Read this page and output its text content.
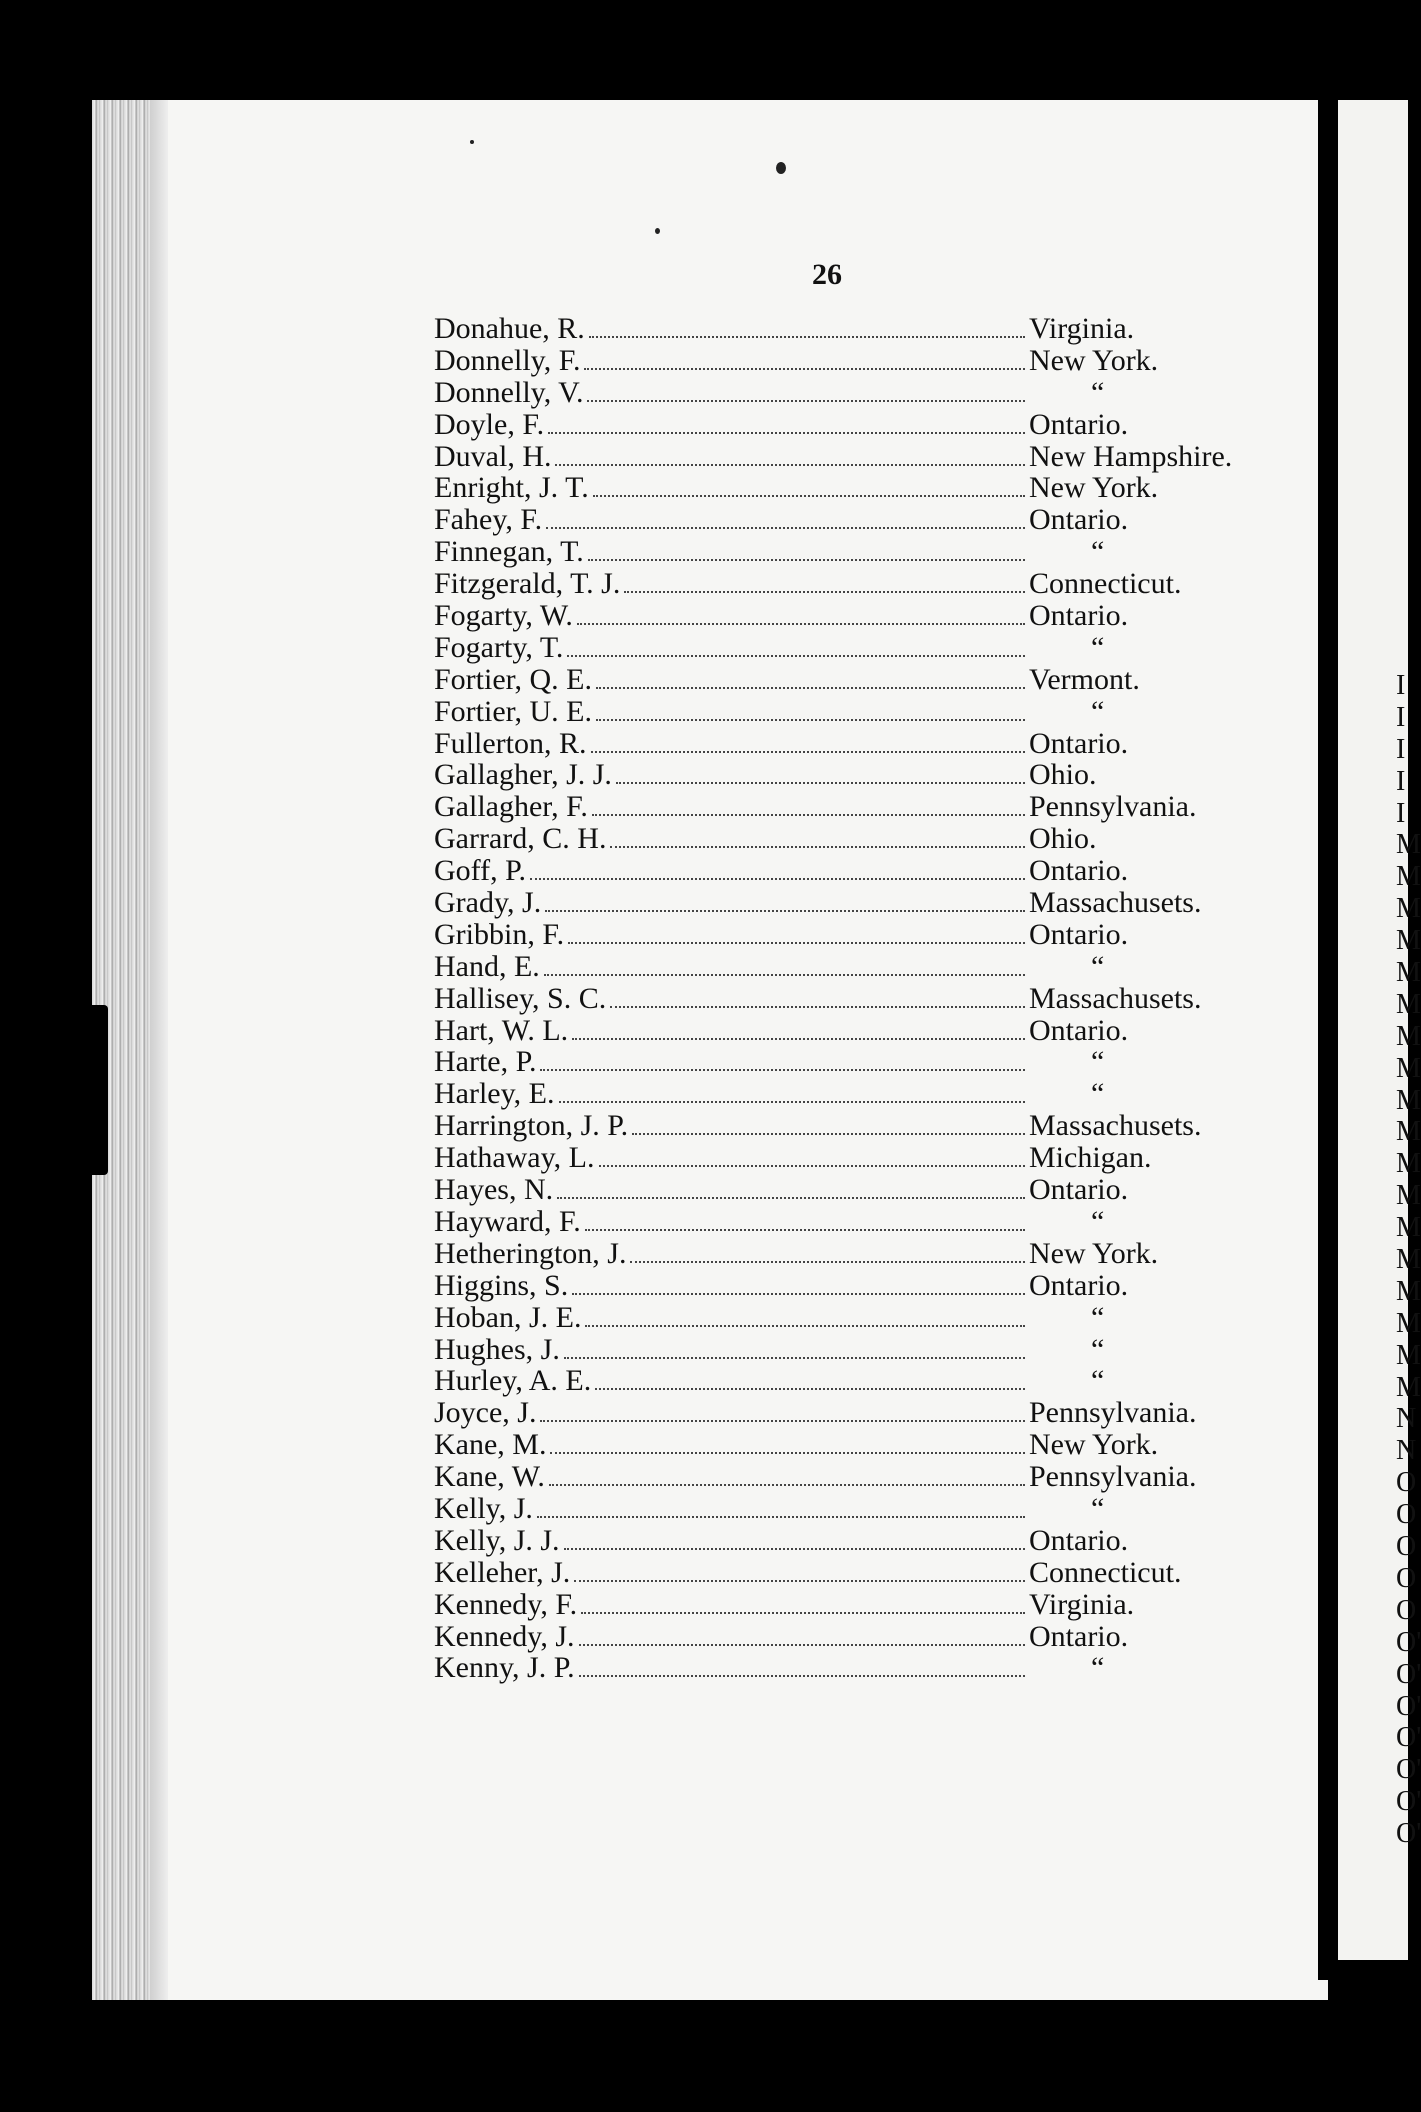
26
Donahue, R.	Virginia.
Donnelly, F.	New York.
Donnelly, V.	“
Doyle, F.	Ontario.
Duval, H.	New Hampshire.
Enright, J. T.	New York.
Fahey, F.	Ontario.
Finnegan, T.	“
Fitzgerald, T. J.	Connecticut.
Fogarty, W.	Ontario.
Fogarty, T.	“
Fortier, Q. E.	Vermont.
Fortier, U. E.	“
Fullerton, R.	Ontario.
Gallagher, J. J.	Ohio.
Gallagher, F.	Pennsylvania.
Garrard, C. H.	Ohio.
Goff, P.	Ontario.
Grady, J.	Massachusets.
Gribbin, F.	Ontario.
Hand, E.	“
Hallisey, S. C.	Massachusets.
Hart, W. L.	Ontario.
Harte, P.	“
Harley, E.	“
Harrington, J. P.	Massachusets.
Hathaway, L.	Michigan.
Hayes, N.	Ontario.
Hayward, F.	“
Hetherington, J.	New York.
Higgins, S.	Ontario.
Hoban, J. E.	“
Hughes, J.	“
Hurley, A. E.	“
Joyce, J.	Pennsylvania.
Kane, M.	New York.
Kane, W.	Pennsylvania.
Kelly, J.	“
Kelly, J. J.	Ontario.
Kelleher, J.	Connecticut.
Kennedy, F.	Virginia.
Kennedy, J.	Ontario.
Kenny, J. P.	“
I
I
I
I
I
M
M
M
M
M
M
M
M
M
M
M
M
M
M
M
M
M
M
N
N
O
O
O
O
O
O'
O'
O'
O'
O'
O'
O'
